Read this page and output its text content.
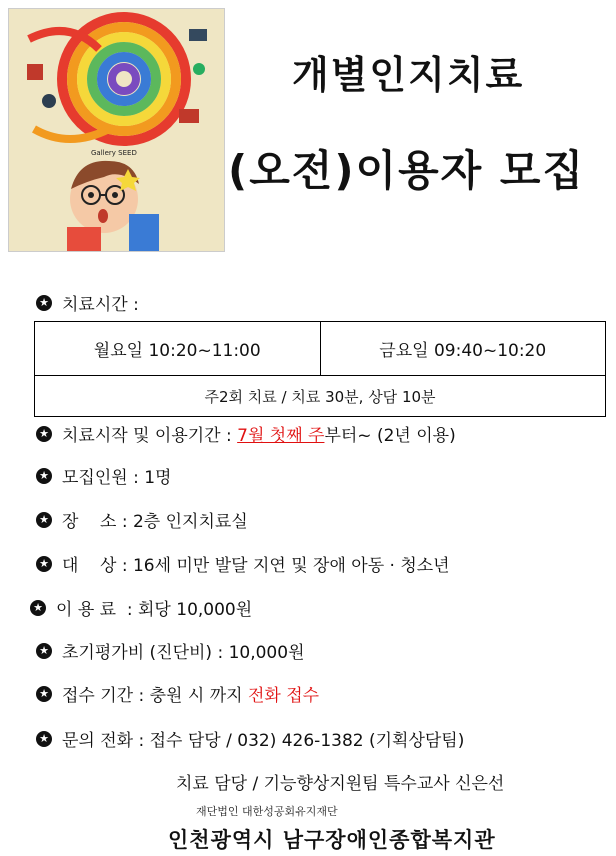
Gallery SEED
개별인지치료
(오전)이용자 모집
★ 치료시간 :
월요일 10:20~11:00	금요일 09:40~10:20
주2회 치료 / 치료 30분, 상담 10분
★ 치료시작 및 이용기간 : 7월 첫째 주부터~ (2년 이용)
★ 모집인원 : 1명
★ 장    소 : 2층 인지치료실
★ 대    상 : 16세 미만 발달 지연 및 장애 아동 · 청소년
★ 이 용 료  : 회당 10,000원
★ 초기평가비 (진단비) : 10,000원
★ 접수 기간 : 충원 시 까지 전화 접수
★ 문의 전화 : 접수 담당 / 032) 426-1382 (기획상담팀)
치료 담당 / 기능향상지원팀 특수교사 신은선
재단법인 대한성공회유지재단
인천광역시 남구장애인종합복지관
